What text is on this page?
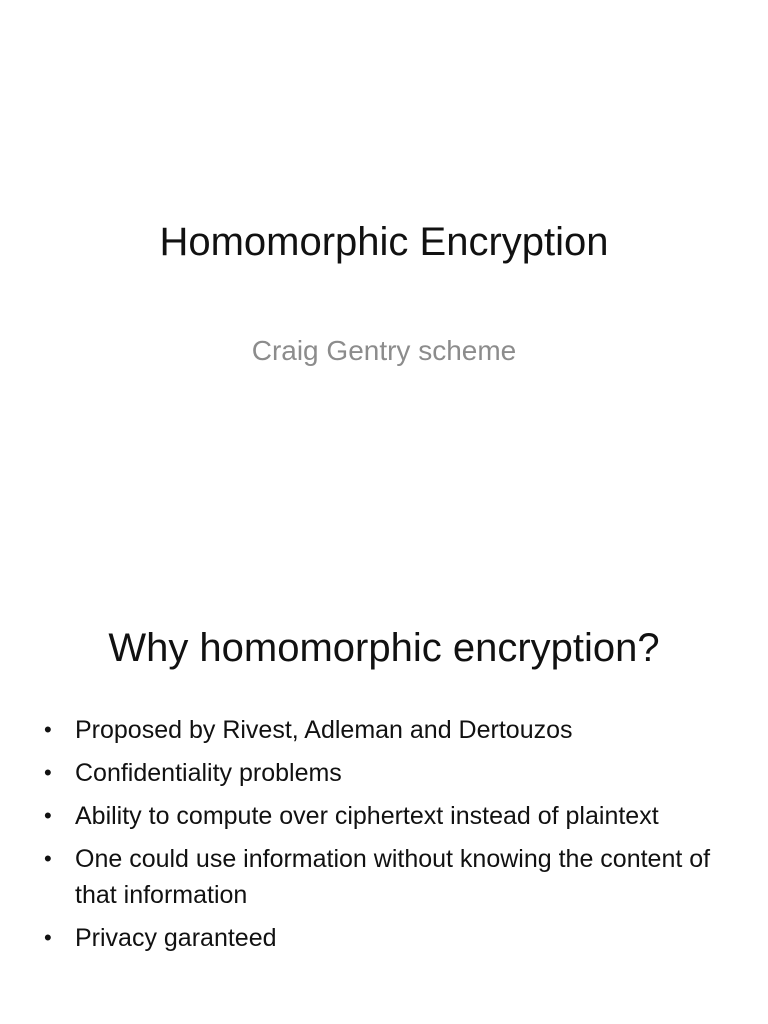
Homomorphic Encryption

Craig Gentry scheme

Why homomorphic encryption?
• Proposed by Rivest, Adleman and Dertouzos
• Confidentiality problems
• Ability to compute over ciphertext instead of plaintext
• One could use information without knowing the content of that information
• Privacy garanteed
